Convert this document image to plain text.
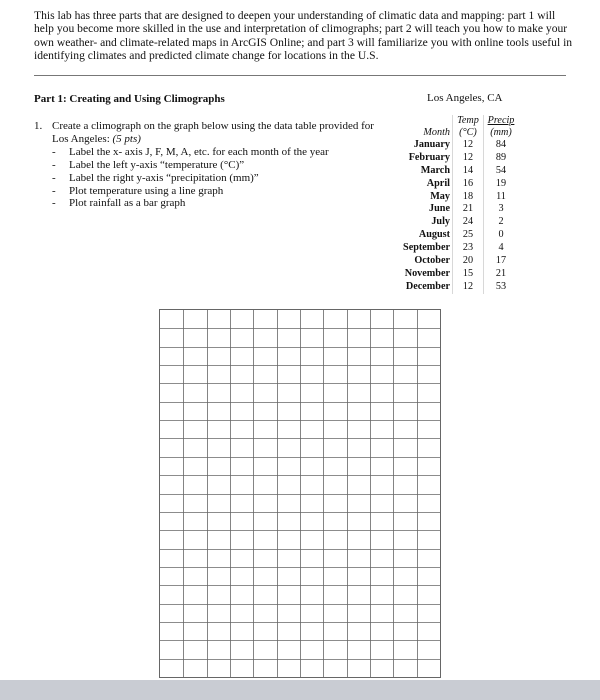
This lab has three parts that are designed to deepen your understanding of climatic data and mapping: part 1 will help you become more skilled in the use and interpretation of climographs; part 2 will teach you how to make your own weather- and climate-related maps in ArcGIS Online; and part 3 will familiarize you with online tools useful in identifying climates and predicted climate change for locations in the U.S.
Part 1: Creating and Using Climographs	Los Angeles, CA
1. Create a climograph on the graph below using the data table provided for Los Angeles: (5 pts)
-	Label the x- axis J, F, M, A, etc. for each month of the year
-	Label the left y-axis “temperature (°C)”
-	Label the right y-axis “precipitation (mm)”
-	Plot temperature using a line graph
-	Plot rainfall as a bar graph
	Temp	Precip
Month	(°C)	(mm)
January	12	84
February	12	89
March	14	54
April	16	19
May	18	11
June	21	3
July	24	2
August	25	0
September	23	4
October	20	17
November	15	21
December	12	53
